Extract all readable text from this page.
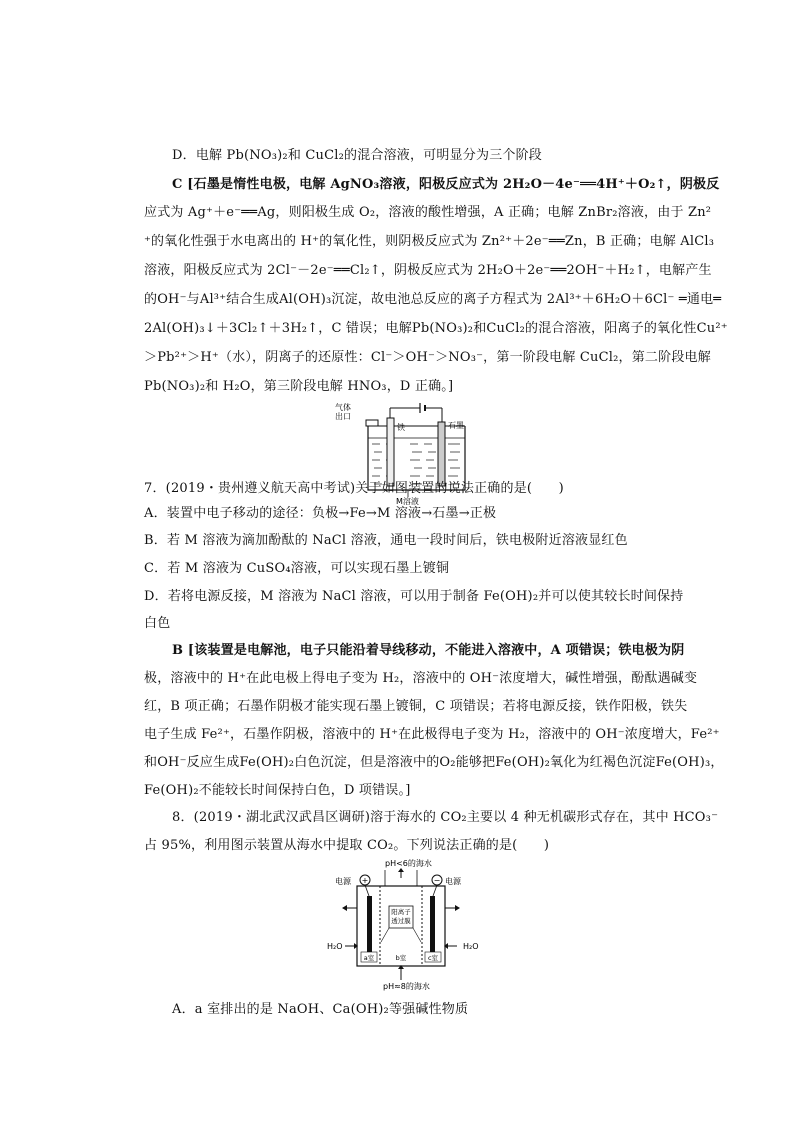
D．电解 Pb(NO₃)₂和 CuCl₂的混合溶液，可明显分为三个阶段
C [石墨是惰性电极，电解 AgNO₃溶液，阳极反应式为 2H₂O－4e⁻══4H⁺＋O₂↑，阴极反
应式为 Ag⁺＋e⁻══Ag，则阳极生成 O₂，溶液的酸性增强，A 正确；电解 ZnBr₂溶液，由于 Zn²
⁺的氧化性强于水电离出的 H⁺的氧化性，则阴极反应式为 Zn²⁺＋2e⁻══Zn，B 正确；电解 AlCl₃
溶液，阳极反应式为 2Cl⁻－2e⁻══Cl₂↑，阴极反应式为 2H₂O＋2e⁻══2OH⁻＋H₂↑，电解产生
的OH⁻与Al³⁺结合生成Al(OH)₃沉淀，故电池总反应的离子方程式为 2Al³⁺＋6H₂O＋6Cl⁻ ═通电═
2Al(OH)₃↓＋3Cl₂↑＋3H₂↑，C 错误；电解Pb(NO₃)₂和CuCl₂的混合溶液，阳离子的氧化性Cu²⁺
＞Pb²⁺＞H⁺（水），阴离子的还原性：Cl⁻＞OH⁻＞NO₃⁻，第一阶段电解 CuCl₂，第二阶段电解
Pb(NO₃)₂和 H₂O，第三阶段电解 HNO₃，D 正确。]
气体出口
铁	石墨
M溶液
7．(2019・贵州遵义航天高中考试)关于如图装置的说法正确的是(　　)
A．装置中电子移动的途径：负极→Fe→M 溶液→石墨→正极
B．若 M 溶液为滴加酚酞的 NaCl 溶液，通电一段时间后，铁电极附近溶液显红色
C．若 M 溶液为 CuSO₄溶液，可以实现石墨上镀铜
D．若将电源反接，M 溶液为 NaCl 溶液，可以用于制备 Fe(OH)₂并可以使其较长时间保持
白色
B [该装置是电解池，电子只能沿着导线移动，不能进入溶液中，A 项错误；铁电极为阴
极，溶液中的 H⁺在此电极上得电子变为 H₂，溶液中的 OH⁻浓度增大，碱性增强，酚酞遇碱变
红，B 项正确；石墨作阴极才能实现石墨上镀铜，C 项错误；若将电源反接，铁作阳极，铁失
电子生成 Fe²⁺，石墨作阴极，溶液中的 H⁺在此极得电子变为 H₂，溶液中的 OH⁻浓度增大，Fe²⁺
和OH⁻反应生成Fe(OH)₂白色沉淀，但是溶液中的O₂能够把Fe(OH)₂氧化为红褐色沉淀Fe(OH)₃，
Fe(OH)₂不能较长时间保持白色，D 项错误。]
8．(2019・湖北武汉武昌区调研)溶于海水的 CO₂主要以 4 种无机碳形式存在，其中 HCO₃⁻
占 95%，利用图示装置从海水中提取 CO₂。下列说法正确的是(　　)
pH<6的海水
电源 +	− 电源
阳离子透过膜
a室	b室	c室
H₂O	H₂O
pH≈8的海水
A．a 室排出的是 NaOH、Ca(OH)₂等强碱性物质
